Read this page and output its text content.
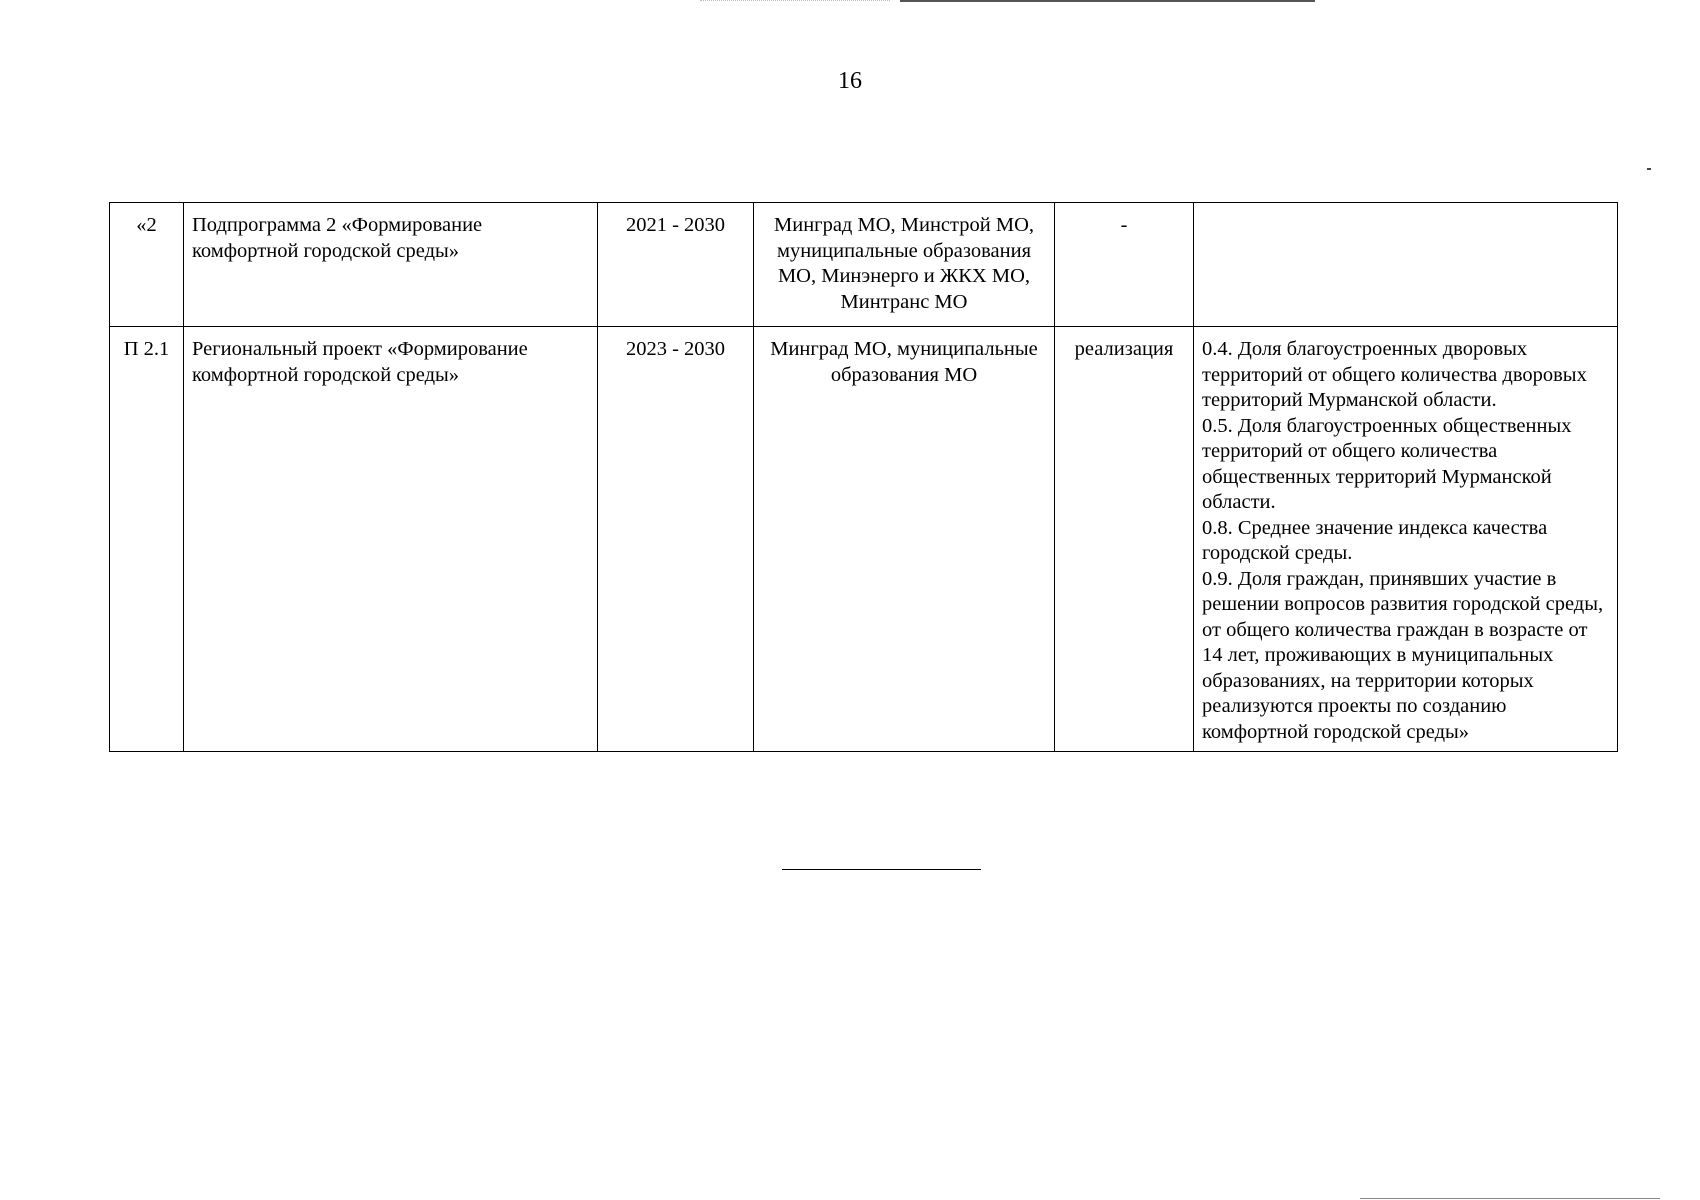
16
«2	Подпрограмма 2 «Формирование комфортной городской среды»	2021 - 2030	Минград МО, Минстрой МО, муниципальные образования МО, Минэнерго и ЖКХ МО, Минтранс МО	-	
П 2.1	Региональный проект «Формирование комфортной городской среды»	2023 - 2030	Минград МО, муниципальные образования МО	реализация	0.4. Доля благоустроенных дворовых территорий от общего количества дворовых территорий Мурманской области.
0.5. Доля благоустроенных общественных территорий от общего количества общественных территорий Мурманской области.
0.8. Среднее значение индекса качества городской среды.
0.9. Доля граждан, принявших участие в решении вопросов развития городской среды, от общего количества граждан в возрасте от 14 лет, проживающих в муниципальных образованиях, на территории которых реализуются проекты по созданию комфортной городской среды»
